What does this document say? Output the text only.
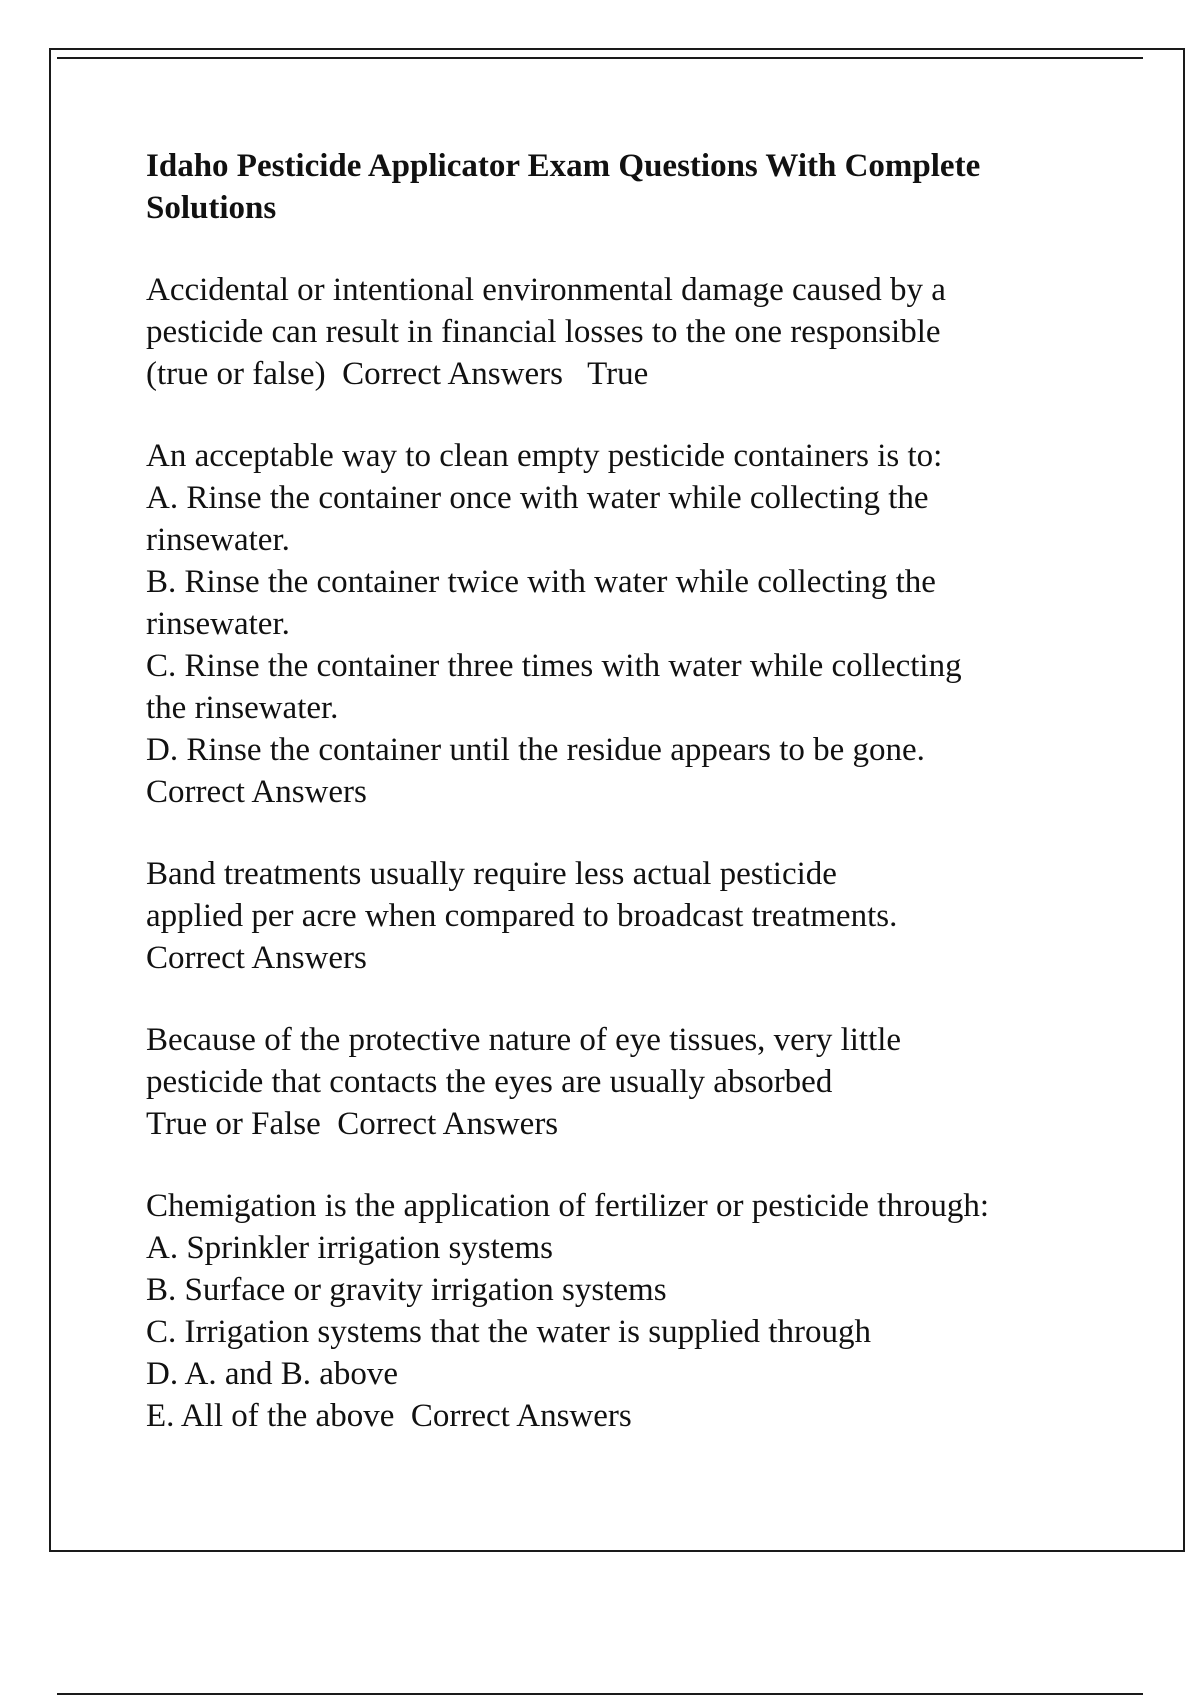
Idaho Pesticide Applicator Exam Questions With Complete
Solutions
Accidental or intentional environmental damage caused by a
pesticide can result in financial losses to the one responsible
(true or false)  Correct Answers   True
An acceptable way to clean empty pesticide containers is to:
A. Rinse the container once with water while collecting the
rinsewater.
B. Rinse the container twice with water while collecting the
rinsewater.
C. Rinse the container three times with water while collecting
the rinsewater.
D. Rinse the container until the residue appears to be gone.
Correct Answers
Band treatments usually require less actual pesticide
applied per acre when compared to broadcast treatments.
Correct Answers
Because of the protective nature of eye tissues, very little
pesticide that contacts the eyes are usually absorbed
True or False  Correct Answers
Chemigation is the application of fertilizer or pesticide through:
A. Sprinkler irrigation systems
B. Surface or gravity irrigation systems
C. Irrigation systems that the water is supplied through
D. A. and B. above
E. All of the above  Correct Answers
